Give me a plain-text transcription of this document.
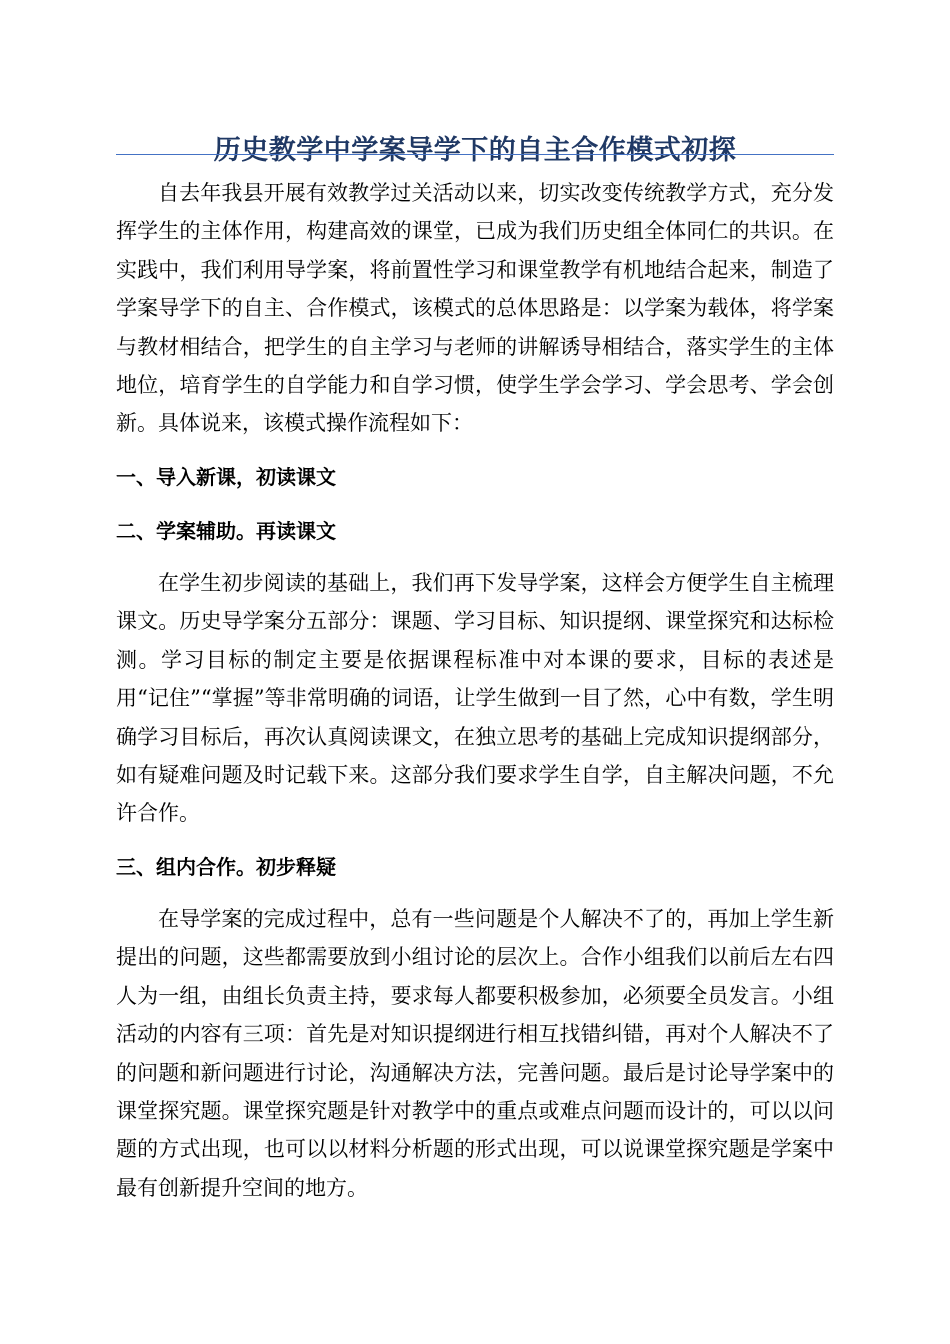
历史教学中学案导学下的自主合作模式初探

自去年我县开展有效教学过关活动以来，切实改变传统教学方式，充分发挥学生的主体作用，构建高效的课堂，已成为我们历史组全体同仁的共识。在实践中，我们利用导学案，将前置性学习和课堂教学有机地结合起来，制造了学案导学下的自主、合作模式，该模式的总体思路是：以学案为载体，将学案与教材相结合，把学生的自主学习与老师的讲解诱导相结合，落实学生的主体地位，培育学生的自学能力和自学习惯，使学生学会学习、学会思考、学会创新。具体说来，该模式操作流程如下：

一、导入新课，初读课文
二、学案辅助。再读课文

在学生初步阅读的基础上，我们再下发导学案，这样会方便学生自主梳理课文。历史导学案分五部分：课题、学习目标、知识提纲、课堂探究和达标检测。学习目标的制定主要是依据课程标准中对本课的要求，目标的表述是用“记住”“掌握”等非常明确的词语，让学生做到一目了然，心中有数，学生明确学习目标后，再次认真阅读课文，在独立思考的基础上完成知识提纲部分，如有疑难问题及时记载下来。这部分我们要求学生自学，自主解决问题，不允许合作。

三、组内合作。初步释疑

在导学案的完成过程中，总有一些问题是个人解决不了的，再加上学生新提出的问题，这些都需要放到小组讨论的层次上。合作小组我们以前后左右四人为一组，由组长负责主持，要求每人都要积极参加，必须要全员发言。小组活动的内容有三项：首先是对知识提纲进行相互找错纠错，再对个人解决不了的问题和新问题进行讨论，沟通解决方法，完善问题。最后是讨论导学案中的课堂探究题。课堂探究题是针对教学中的重点或难点问题而设计的，可以以问题的方式出现，也可以以材料分析题的形式出现，可以说课堂探究题是学案中最有创新提升空间的地方。
